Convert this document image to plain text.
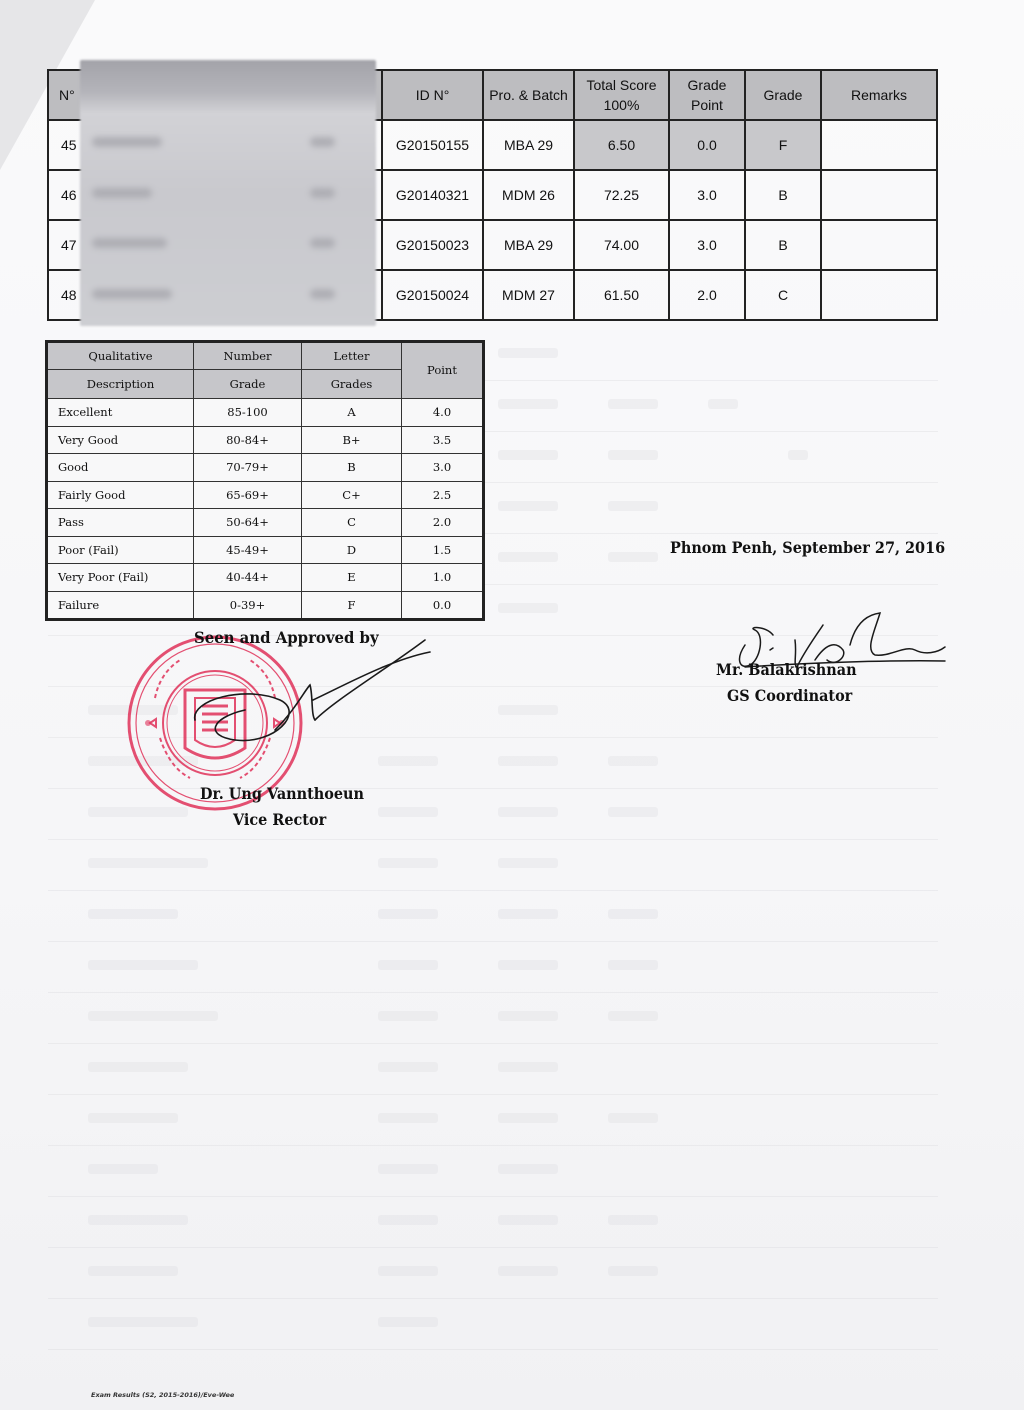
N°		ID N°	Pro. & Batch	Total Score 100%	Grade Point	Grade	Remarks
45		G20150155	MBA 29	6.50	0.0	F	
46		G20140321	MDM 26	72.25	3.0	B	
47		G20150023	MBA 29	74.00	3.0	B	
48		G20150024	MDM 27	61.50	2.0	C	
Qualitative	Number	Letter	Point
Description	Grade	Grades	
Excellent	85-100	A	4.0
Very Good	80-84+	B+	3.5
Good	70-79+	B	3.0
Fairly Good	65-69+	C+	2.5
Pass	50-64+	C	2.0
Poor (Fail)	45-49+	D	1.5
Very Poor (Fail)	40-44+	E	1.0
Failure	0-39+	F	0.0
Phnom Penh, September 27, 2016
Seen and Approved by
Dr. Ung Vannthoeun
Vice Rector
Mr. Balakrishnan
GS Coordinator
Exam Results (S2, 2015-2016)/Eve-Wee
